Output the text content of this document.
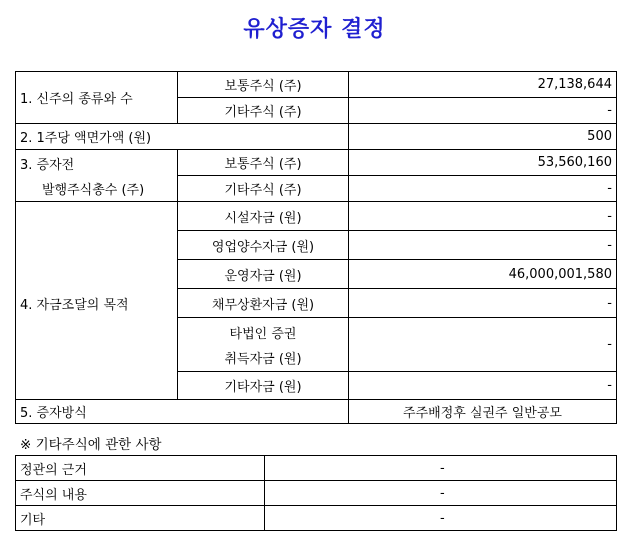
유상증자 결정
1. 신주의 종류와 수	보통주식 (주)	27,138,644
	기타주식 (주)	-
2. 1주당 액면가액 (원)		500

3. 증자전
발행주식총수 (주)	보통주식 (주)	53,560,160
	기타주식 (주)	-
4. 자금조달의 목적	시설자금 (원)	-
	영업양수자금 (원)	-
	운영자금 (원)	46,000,001,580
	채무상환자금 (원)	-

	타법인 증권
취득자금 (원)	-
	기타자금 (원)	-
5. 증자방식		주주배정후 실권주 일반공모
※ 기타주식에 관한 사항
정관의 근거	-
주식의 내용	-
기타	-
